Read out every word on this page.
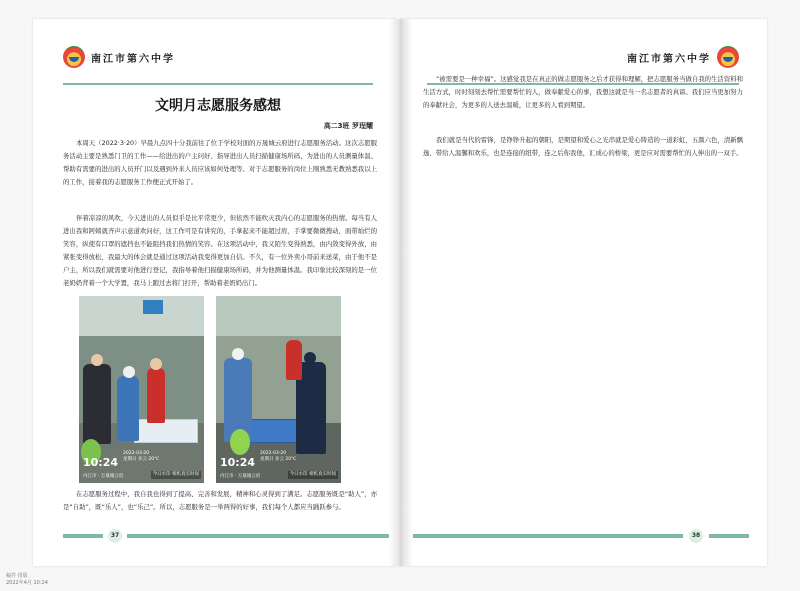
南江市第六中学
文明月志愿服务感想
高二3班 罗珵耀

本周天（2022·3·20）早晨九点四十分我前往了位于学校对面的万晟城云府进行志愿服务活动。这次志愿服务活动主要是熟悉门卫的工作——给进出的户主问好、指导进出人员扫描健康场所码、为进出的人员测量体温、帮助有需要的进出的人员开门以及遇到外来人员应该如何处理等。对于志愿服务的岗位上刚熟悉无教熟悉我以上的工作，接着我的志愿服务工作便正式开始了。

伴着凉凉的风吹，今天进出的人员似乎是比平常更少，但依然不能吹灭我内心的志愿服务的热情。每当有人进出我和阿姨就齐声示意道欢问好，这工作可是有讲究的，手拿起来不能超过肩，手掌要微微搜动，面带灿烂的笑容，纵使有口罩的遮挡也不能阻挡我们热情的笑容。在这项活动中，我又陌生变得熟悉，由内敛变得外放，由紧张变得放松，我最大的体会就是通过这项活动我变得更加自信。不久，有一位外卖小哥前来送菜，由于他不是户主，所以我们就需要对他进行登记，我指导着他扫描健康场所码，并为他测量体温。我印象比较深刻的是一位老奶奶背着一个大学置，我马上跑过去将门打开，帮助着老奶奶出门。

10:24
2022-03-20
星期日 多云 20℃
内江市 · 万晟城云府	今日水印 相机真实时间
10:24
2022-03-20
星期日 多云 20℃
内江市 · 万晟城云府	今日水印 相机真实时间

在志愿服务过程中，我自我也得到了提高、完善和发展，精神和心灵得到了满足。志愿服务既是“助人”，亦是“自助”，既“乐人”，也“乐己”。所以，志愿服务是一举两得的好事，我们每个人都应当踊跃参与。

37
南江市第六中学

“被需要是一种幸福”。这感觉我是在真正的做志愿服务之后才获得和理解，把志愿服务当做自我的生活资料和生活方式，时时刻刻去帮忙需要帮忙的人，做奉献爱心的事，我想这就是当一名志愿者的真谛。我们应当更加努力的奉献社会，为更多的人送去温暖，让更多的人看到期望。

我们就是当代的雷锋，是铮铮升起的朝阳，是期望和爱心之光串就是爱心铸造的一道彩虹，五颜六色，清新飘逸，带给人温馨和欢乐，也是连接的纽带，连之后你我他，汇成心的桥梁，更是应对需要帮忙的人伸出的一双手。

38
稿件 排版
2022年4月 10:24
